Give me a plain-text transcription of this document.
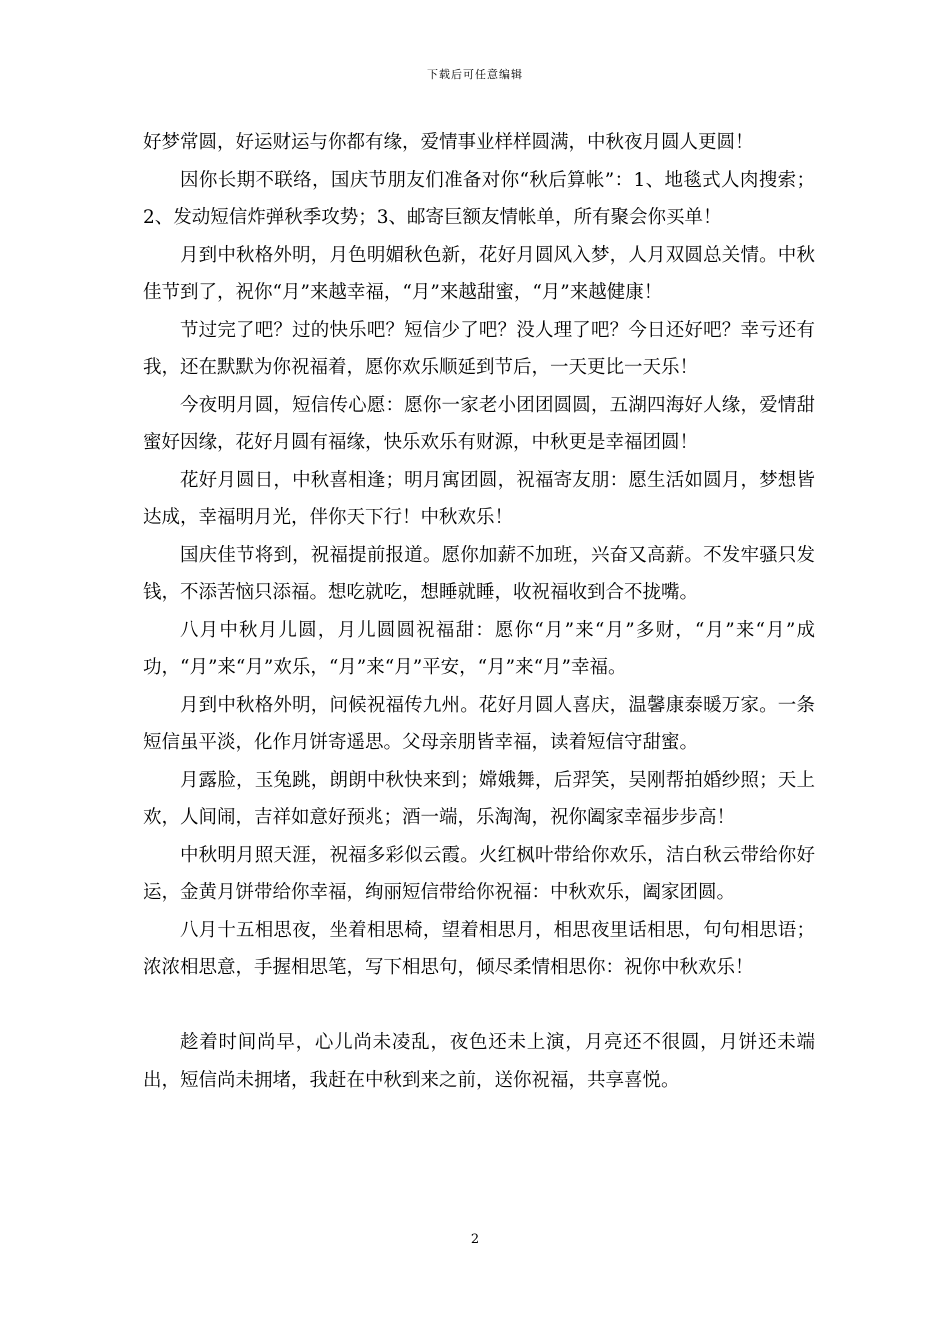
下载后可任意编辑

好梦常圆，好运财运与你都有缘，爱情事业样样圆满，中秋夜月圆人更圆！

因你长期不联络，国庆节朋友们准备对你“秋后算帐”：1、地毯式人肉搜索；2、发动短信炸弹秋季攻势；3、邮寄巨额友情帐单，所有聚会你买单！

月到中秋格外明，月色明媚秋色新，花好月圆风入梦，人月双圆总关情。中秋佳节到了，祝你“月”来越幸福，“月”来越甜蜜，“月”来越健康！

节过完了吧？过的快乐吧？短信少了吧？没人理了吧？今日还好吧？幸亏还有我，还在默默为你祝福着，愿你欢乐顺延到节后，一天更比一天乐！

今夜明月圆，短信传心愿：愿你一家老小团团圆圆，五湖四海好人缘，爱情甜蜜好因缘，花好月圆有福缘，快乐欢乐有财源，中秋更是幸福团圆！

花好月圆日，中秋喜相逢；明月寓团圆，祝福寄友朋：愿生活如圆月，梦想皆达成，幸福明月光，伴你天下行！中秋欢乐！

国庆佳节将到，祝福提前报道。愿你加薪不加班，兴奋又高薪。不发牢骚只发钱，不添苦恼只添福。想吃就吃，想睡就睡，收祝福收到合不拢嘴。

八月中秋月儿圆，月儿圆圆祝福甜：愿你“月”来“月”多财，“月”来“月”成功，“月”来“月”欢乐，“月”来“月”平安，“月”来“月”幸福。

月到中秋格外明，问候祝福传九州。花好月圆人喜庆，温馨康泰暖万家。一条短信虽平淡，化作月饼寄遥思。父母亲朋皆幸福，读着短信守甜蜜。

月露脸，玉兔跳，朗朗中秋快来到；嫦娥舞，后羿笑，吴刚帮拍婚纱照；天上欢，人间闹，吉祥如意好预兆；酒一端，乐淘淘，祝你阖家幸福步步高！

中秋明月照天涯，祝福多彩似云霞。火红枫叶带给你欢乐，洁白秋云带给你好运，金黄月饼带给你幸福，绚丽短信带给你祝福：中秋欢乐，阖家团圆。

八月十五相思夜，坐着相思椅，望着相思月，相思夜里话相思，句句相思语；浓浓相思意，手握相思笔，写下相思句，倾尽柔情相思你：祝你中秋欢乐！

趁着时间尚早，心儿尚未凌乱，夜色还未上演，月亮还不很圆，月饼还未端出，短信尚未拥堵，我赶在中秋到来之前，送你祝福，共享喜悦。

2
